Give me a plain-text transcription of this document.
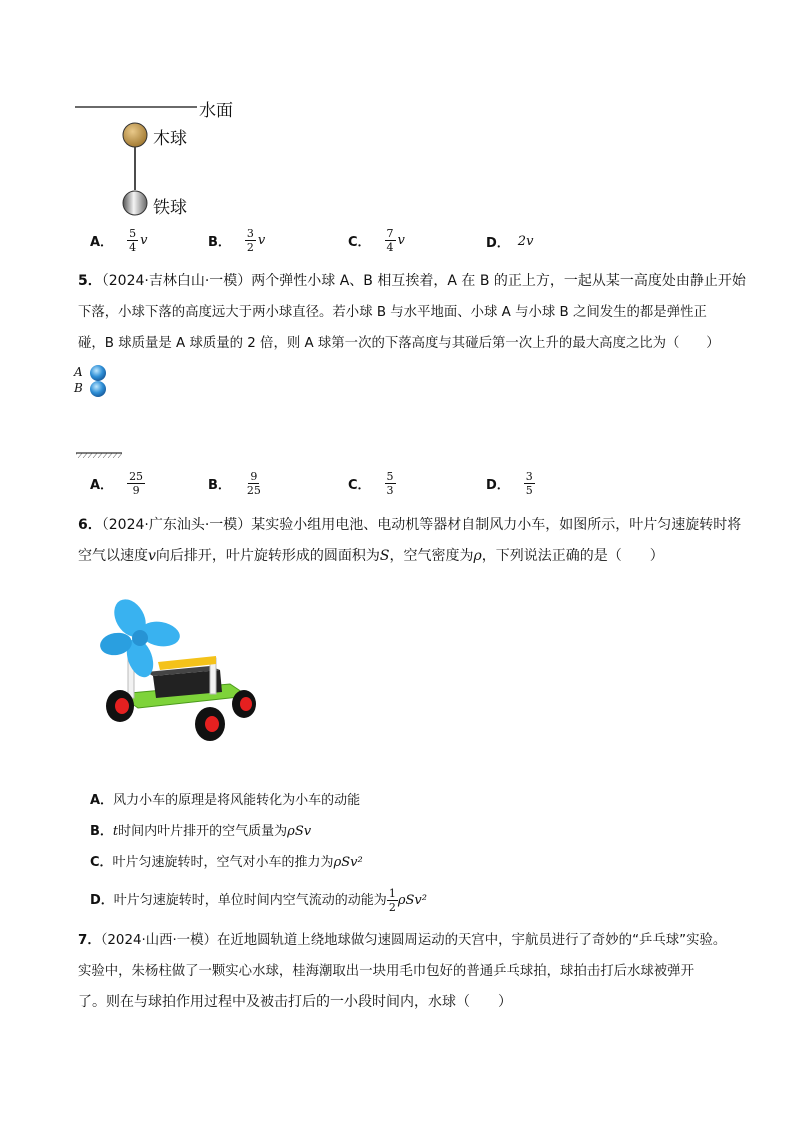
水面
木球
铁球
A． $\frac{5}{4}$ v	B． $\frac{3}{2}$ v	C． $\frac{7}{4}$ v	D． 2v
5．（2024·吉林白山·一模）两个弹性小球 A、B 相互挨着，A 在 B 的正上方，一起从某一高度处由静止开始
下落，小球下落的高度远大于两小球直径。若小球 B 与水平地面、小球 A 与小球 B 之间发生的都是弹性正
碰，B 球质量是 A 球质量的 2 倍，则 A 球第一次的下落高度与其碰后第一次上升的最大高度之比为（　　）
A
B
A． $\frac{25}{9}$	B． $\frac{9}{25}$	C． $\frac{5}{3}$	D． $\frac{3}{5}$
6．（2024·广东汕头·一模）某实验小组用电池、电动机等器材自制风力小车，如图所示，叶片匀速旋转时将
空气以速度v向后排开，叶片旋转形成的圆面积为S，空气密度为ρ，下列说法正确的是（　　）
A．风力小车的原理是将风能转化为小车的动能
B．t时间内叶片排开的空气质量为ρSv
C．叶片匀速旋转时，空气对小车的推力为ρSv²
D．叶片匀速旋转时，单位时间内空气流动的动能为 $\frac{1}{2} \rho Sv^2$
7．（2024·山西·一模）在近地圆轨道上绕地球做匀速圆周运动的天宫中，宇航员进行了奇妙的“乒乓球”实验。
实验中，朱杨柱做了一颗实心水球，桂海潮取出一块用毛巾包好的普通乒乓球拍，球拍击打后水球被弹开
了。则在与球拍作用过程中及被击打后的一小段时间内，水球（　　）
